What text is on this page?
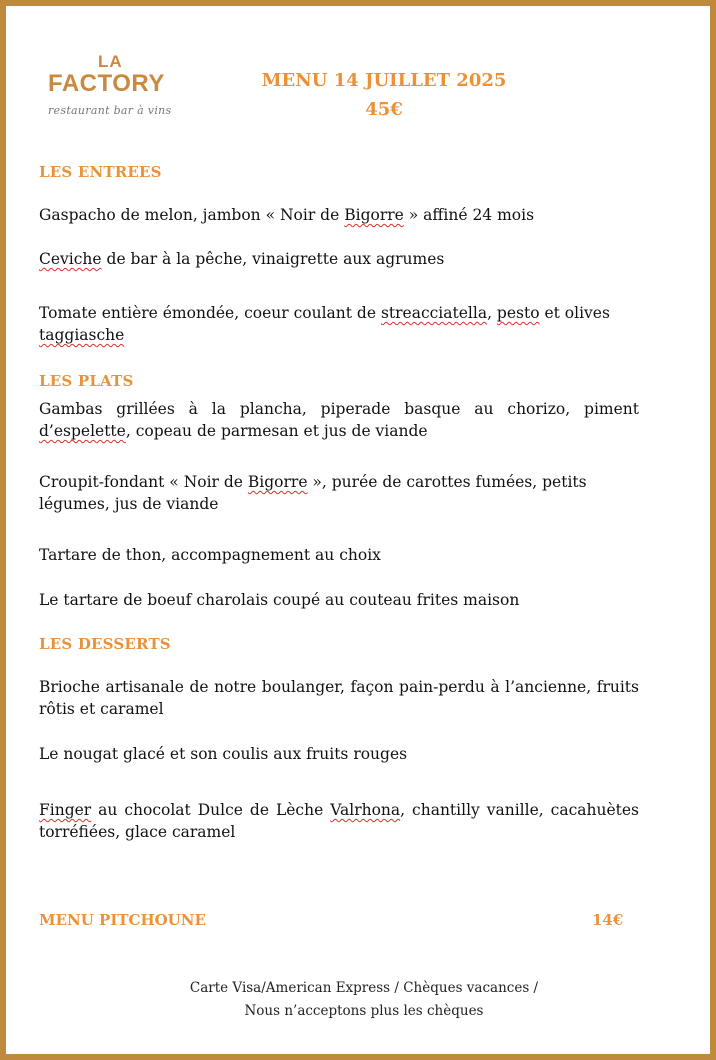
LA
FACTORY
restaurant bar à vins
MENU 14 JUILLET 2025
45€
LES ENTREES
Gaspacho de melon, jambon « Noir de Bigorre » affiné 24 mois
Ceviche de bar à la pêche, vinaigrette aux agrumes
Tomate entière émondée, coeur coulant de streacciatella, pesto et olives taggiasche
LES PLATS
Gambas grillées à la plancha, piperade basque au chorizo, piment d’espelette, copeau de parmesan et jus de viande
Croupit-fondant « Noir de Bigorre », purée de carottes fumées, petits légumes, jus de viande
Tartare de thon, accompagnement au choix
Le tartare de boeuf charolais coupé au couteau frites maison
LES DESSERTS
Brioche artisanale de notre boulanger, façon pain-perdu à l’ancienne, fruits rôtis et caramel
Le nougat glacé et son coulis aux fruits rouges
Finger au chocolat Dulce de Lèche Valrhona, chantilly vanille, cacahuètes torréfiées, glace caramel
MENU PITCHOUNE	14€
Carte Visa/American Express / Chèques vacances /
Nous n’acceptons plus les chèques
